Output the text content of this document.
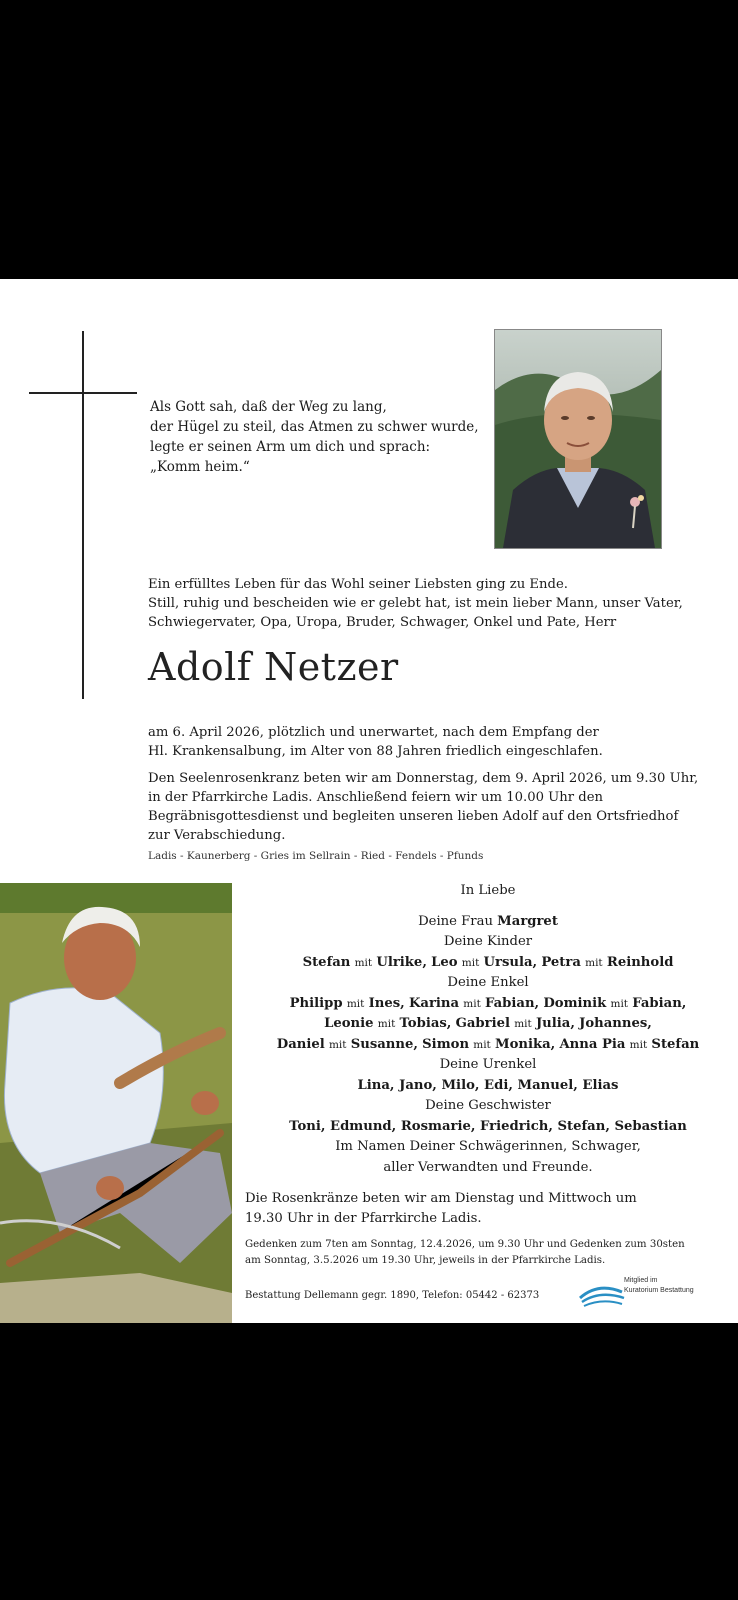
Als Gott sah, daß der Weg zu lang,
der Hügel zu steil, das Atmen zu schwer wurde,
legte er seinen Arm um dich und sprach:
„Komm heim.“
Ein erfülltes Leben für das Wohl seiner Liebsten ging zu Ende.
Still, ruhig und bescheiden wie er gelebt hat, ist mein lieber Mann, unser Vater,
Schwiegervater, Opa, Uropa, Bruder, Schwager, Onkel und Pate, Herr
Adolf Netzer
am 6. April 2026, plötzlich und unerwartet, nach dem Empfang der
Hl. Krankensalbung, im Alter von 88 Jahren friedlich eingeschlafen.
Den Seelenrosenkranz beten wir am Donnerstag, dem 9. April 2026, um 9.30 Uhr,
in der Pfarrkirche Ladis. Anschließend feiern wir um 10.00 Uhr den
Begräbnisgottesdienst und begleiten unseren lieben Adolf auf den Ortsfriedhof
zur Verabschiedung.
Ladis - Kaunerberg - Gries im Sellrain - Ried - Fendels - Pfunds
In Liebe
Deine Frau Margret
Deine Kinder
Stefan mit Ulrike, Leo mit Ursula, Petra mit Reinhold
Deine Enkel
Philipp mit Ines, Karina mit Fabian, Dominik mit Fabian,
Leonie mit Tobias, Gabriel mit Julia, Johannes,
Daniel mit Susanne, Simon mit Monika, Anna Pia mit Stefan
Deine Urenkel
Lina, Jano, Milo, Edi, Manuel, Elias
Deine Geschwister
Toni, Edmund, Rosmarie, Friedrich, Stefan, Sebastian
Im Namen Deiner Schwägerinnen, Schwager,
aller Verwandten und Freunde.
Die Rosenkränze beten wir am Dienstag und Mittwoch um
19.30 Uhr in der Pfarrkirche Ladis.
Gedenken zum 7ten am Sonntag, 12.4.2026, um 9.30 Uhr und Gedenken zum 30sten
am Sonntag, 3.5.2026 um 19.30 Uhr, jeweils in der Pfarrkirche Ladis.
Bestattung Dellemann gegr. 1890, Telefon: 05442 - 62373
Mitglied im
Kuratorium Bestattung
